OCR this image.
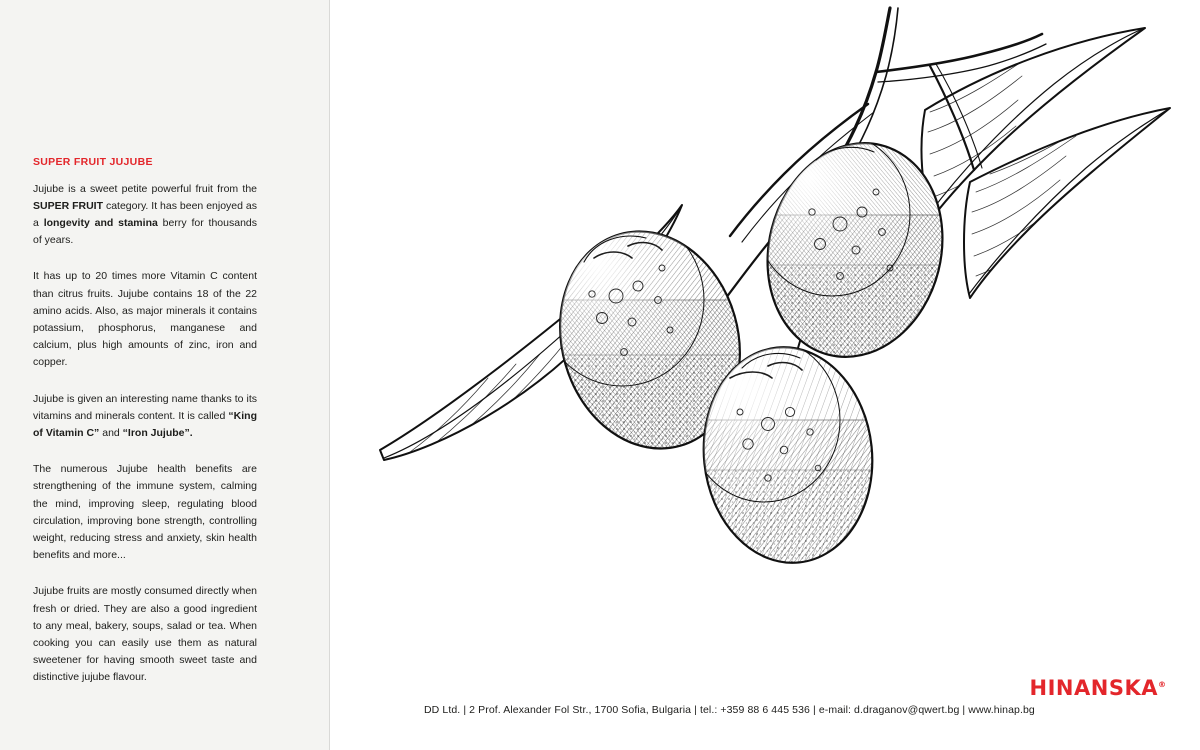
SUPER FRUIT JUJUBE

Jujube is a sweet petite powerful fruit from the SUPER FRUIT category. It has been enjoyed as a longevity and stamina berry for thousands of years.

It has up to 20 times more Vitamin C content than citrus fruits. Jujube contains 18 of the 22 amino acids. Also, as major minerals it contains potassium, phosphorus, manganese and calcium, plus high amounts of zinc, iron and copper.

Jujube is given an interesting name thanks to its vitamins and minerals content. It is called “King of Vitamin C” and “Iron Jujube”.

The numerous Jujube health benefits are strengthening of the immune system, calming the mind, improving sleep, regulating blood circulation, improving bone strength, controlling weight, reducing stress and anxiety, skin health benefits and more...

Jujube fruits are mostly consumed directly when fresh or dried. They are also a good ingredient to any meal, bakery, soups, salad or tea. When cooking you can easily use them as natural sweetener for having smooth sweet taste and distinctive jujube flavour.

DD Ltd. | 2 Prof. Alexander Fol Str., 1700 Sofia, Bulgaria | tel.: +359 88 6 445 536 | e-mail: d.draganov@qwert.bg | www.hinap.bg
HINANSKA®
